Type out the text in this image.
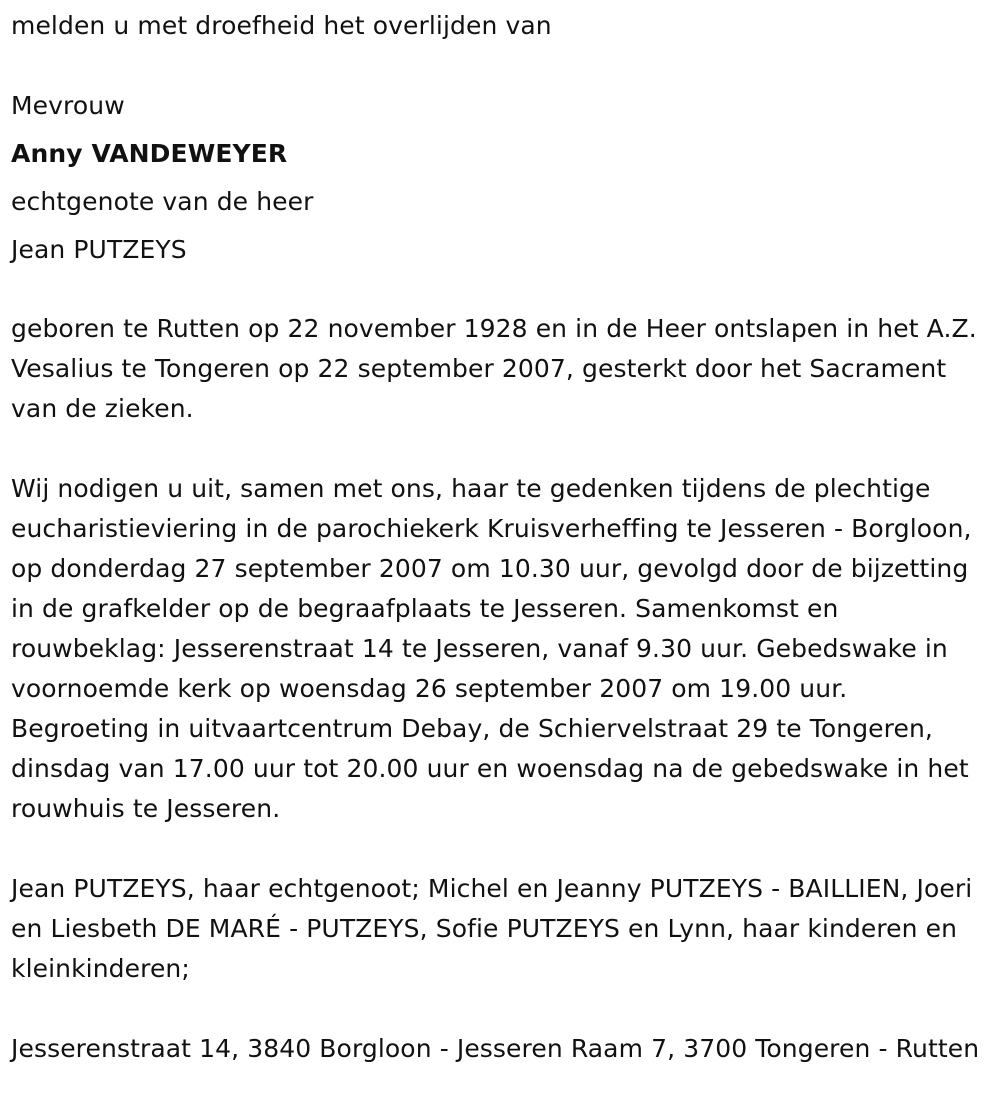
melden u met droefheid het overlijden van
Mevrouw
Anny VANDEWEYER
echtgenote van de heer
Jean PUTZEYS

geboren te Rutten op 22 november 1928 en in de Heer ontslapen in het A.Z. Vesalius te Tongeren op 22 september 2007, gesterkt door het Sacrament van de zieken.

Wij nodigen u uit, samen met ons, haar te gedenken tijdens de plechtige eucharistieviering in de parochiekerk Kruisverheffing te Jesseren - Borgloon, op donderdag 27 september 2007 om 10.30 uur, gevolgd door de bijzetting in de grafkelder op de begraafplaats te Jesseren. Samenkomst en rouwbeklag: Jesserenstraat 14 te Jesseren, vanaf 9.30 uur. Gebedswake in voornoemde kerk op woensdag 26 september 2007 om 19.00 uur. Begroeting in uitvaartcentrum Debay, de Schiervelstraat 29 te Tongeren, dinsdag van 17.00 uur tot 20.00 uur en woensdag na de gebedswake in het rouwhuis te Jesseren.

Jean PUTZEYS, haar echtgenoot; Michel en Jeanny PUTZEYS - BAILLIEN, Joeri en Liesbeth DE MARÉ - PUTZEYS, Sofie PUTZEYS en Lynn, haar kinderen en kleinkinderen;

Jesserenstraat 14, 3840 Borgloon - Jesseren Raam 7, 3700 Tongeren - Rutten
